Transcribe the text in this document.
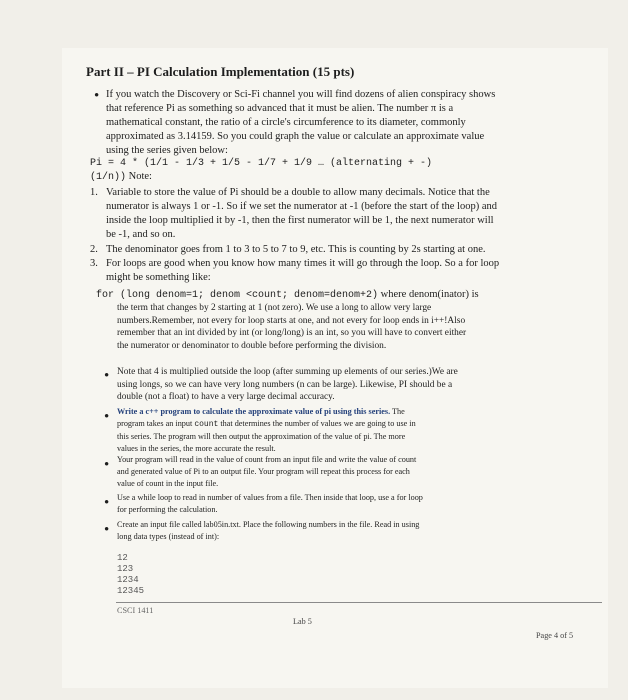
Part II – PI Calculation Implementation (15 pts)
• If you watch the Discovery or Sci-Fi channel you will find dozens of alien conspiracy shows
that reference Pi as something so advanced that it must be alien. The number π is a
mathematical constant, the ratio of a circle's circumference to its diameter, commonly
approximated as 3.14159. So you could graph the value or calculate an approximate value
using the series given below:
Pi = 4 * (1/1 - 1/3 + 1/5 - 1/7 + 1/9 … (alternating + -)
(1/n)) Note:
1. Variable to store the value of Pi should be a double to allow many decimals. Notice that the
numerator is always 1 or -1. So if we set the numerator at -1 (before the start of the loop) and
inside the loop multiplied it by -1, then the first numerator will be 1, the next numerator will
be -1, and so on.
2. The denominator goes from 1 to 3 to 5 to 7 to 9, etc. This is counting by 2s starting at one.
3. For loops are good when you know how many times it will go through the loop. So a for loop
might be something like:
for (long denom=1; denom <count; denom=denom+2) where denom(inator) is
the term that changes by 2 starting at 1 (not zero). We use a long to allow very large
numbers.Remember, not every for loop starts at one, and not every for loop ends in i++!Also
remember that an int divided by int (or long/long) is an int, so you will have to convert either
the numerator or denominator to double before performing the division.
• Note that 4 is multiplied outside the loop (after summing up elements of our series.)We are
using longs, so we can have very long numbers (n can be large). Likewise, PI should be a
double (not a float) to have a very large decimal accuracy.
• Write a c++ program to calculate the approximate value of pi using this series. The
program takes an input count that determines the number of values we are going to use in
this series. The program will then output the approximation of the value of pi. The more
values in the series, the more accurate the result.
• Your program will read in the value of count from an input file and write the value of count
and generated value of Pi to an output file. Your program will repeat this process for each
value of count in the input file.
• Use a while loop to read in number of values from a file. Then inside that loop, use a for loop
for performing the calculation.
• Create an input file called lab05in.txt. Place the following numbers in the file. Read in using
long data types (instead of int):
12
123
1234
12345
CSCI 1411
Lab 5
Page 4 of 5
